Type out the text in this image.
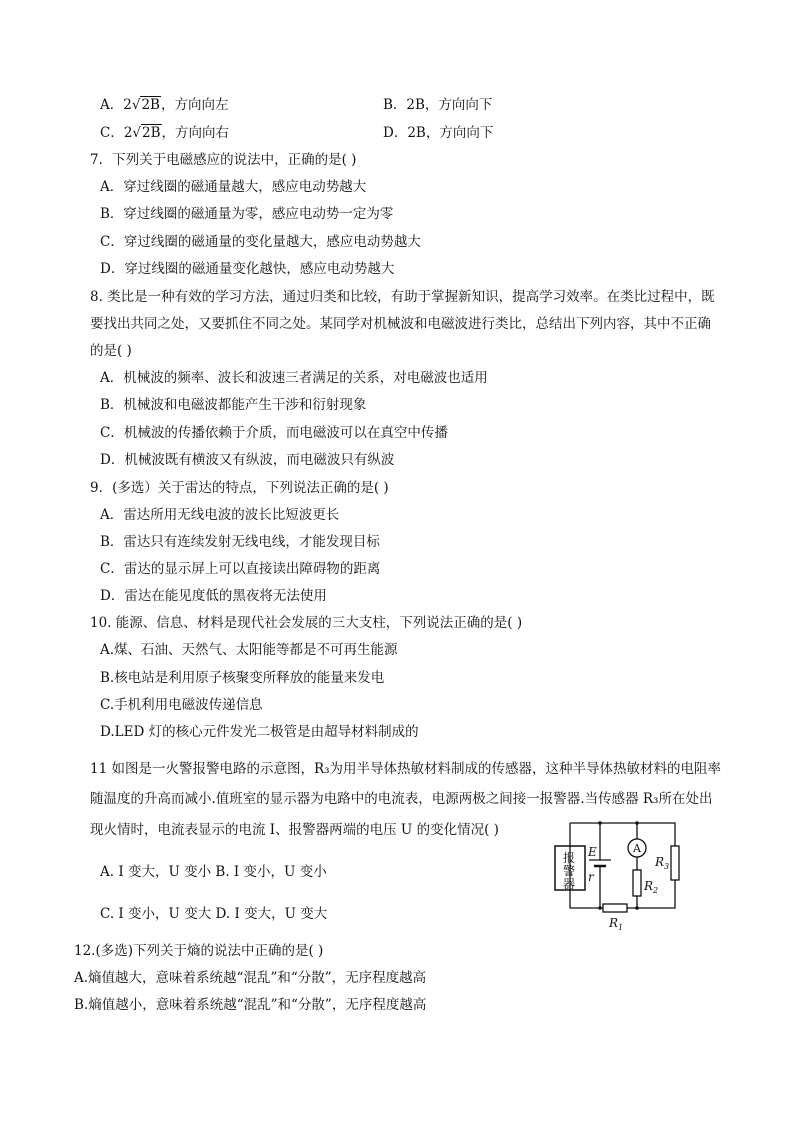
A．2√2B，方向向左	B．2B，方向向下
C．2√2B，方向向右	D．2B，方向向下
7．下列关于电磁感应的说法中，正确的是( )
A．穿过线圈的磁通量越大，感应电动势越大
B．穿过线圈的磁通量为零，感应电动势一定为零
C．穿过线圈的磁通量的变化量越大，感应电动势越大
D．穿过线圈的磁通量变化越快，感应电动势越大
8. 类比是一种有效的学习方法，通过归类和比较，有助于掌握新知识，提高学习效率。在类比过程中，既
要找出共同之处，又要抓住不同之处。某同学对机械波和电磁波进行类比，总结出下列内容，其中不正确
的是( )
A．机械波的频率、波长和波速三者满足的关系，对电磁波也适用
B．机械波和电磁波都能产生干涉和衍射现象
C．机械波的传播依赖于介质，而电磁波可以在真空中传播
D．机械波既有横波又有纵波，而电磁波只有纵波
9．(多选）关于雷达的特点，下列说法正确的是( )
A．雷达所用无线电波的波长比短波更长
B．雷达只有连续发射无线电线，才能发现目标
C．雷达的显示屏上可以直接读出障碍物的距离
D．雷达在能见度低的黑夜将无法使用
10. 能源、信息、材料是现代社会发展的三大支柱，下列说法正确的是( )
A.煤、石油、天然气、太阳能等都是不可再生能源
B.核电站是利用原子核聚变所释放的能量来发电
C.手机利用电磁波传递信息
D.LED 灯的核心元件发光二极管是由超导材料制成的
11 如图是一火警报警电路的示意图，R₃为用半导体热敏材料制成的传感器，这种半导体热敏材料的电阻率
随温度的升高而减小.值班室的显示器为电路中的电流表，电源两极之间接一报警器.当传感器 R₃所在处出
现火情时，电流表显示的电流 I、报警器两端的电压 U 的变化情况( )
A. I 变大，U 变小 B. I 变小，U 变小
C. I 变小，U 变大 D. I 变大，U 变大
报
警
器
E
r
A
$R_2$
$R_3$
$R_1$
12.(多选)下列关于熵的说法中正确的是( )
A.熵值越大，意味着系统越“混乱”和“分散”，无序程度越高
B.熵值越小，意味着系统越“混乱”和“分散”，无序程度越高
